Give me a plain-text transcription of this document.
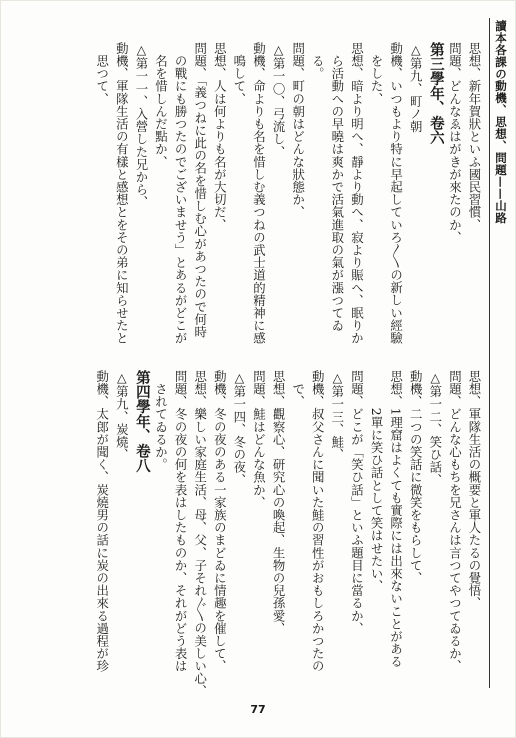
讀本各課の動機、思想、問題——山路
思想、新年賀狀といふ國民習慣、
問題、どんなゑはがきが來たのか、
第三學年、卷六
△第九、町ノ朝
動機、いつもより特に早起していろ〳〵の新しい經驗
　をした、
思想、暗より明へ、靜より動へ、寂より賑へ、眠りか
　ら活動への早曉は爽かで活氣進取の氣が漲つてゐ
　る。
問題、町の朝はどんな狀態か、
△第一〇、弓流し、
動機、命よりも名を惜しむ義つねの武士道的精神に感
　鳴して、
思想、人は何よりも名が大切だ、
問題、「義つねに此の名を惜しむ心があつたので何時
　の戰にも勝つたのでございませう」とあるがどこが
　名を惜しんだ點か、
△第一一、入營した兄から、
動機、軍隊生活の有樣と感想とをその弟に知らせたと
　思つて、
思想、軍隊生活の概要と軍人たるの覺悟、
問題、どんな心もちを兄さんは言つてやつてゐるか、
△第一二、笑ひ話、
動機、二つの笑話に微笑をもらして、
思想、1理窟はよくても實際には出來ないことがある
　　　2單に笑ひ話として笑はせたい、
問題、どこが「笑ひ話」といふ題目に當るか、
△第一三、鮭、
動機、叔父さんに聞いた鮭の習性がおもしろかつたの
　で、
思想、觀察心、研究心の喚起、生物の兒孫愛、
問題、鮭はどんな魚か、
△第一四、冬の夜、
動機、冬の夜のある一家族のまどゐに情趣を催して、
思想、樂しい家庭生活、母、父、子それ〴〵の美しい心、
問題、冬の夜の何を表はしたものか、それがどう表は
　されてゐるか。
第四學年、卷八
△第九、炭燒、
動機、太郎が聞く、炭燒男の話に炭の出來る過程が珍
77
